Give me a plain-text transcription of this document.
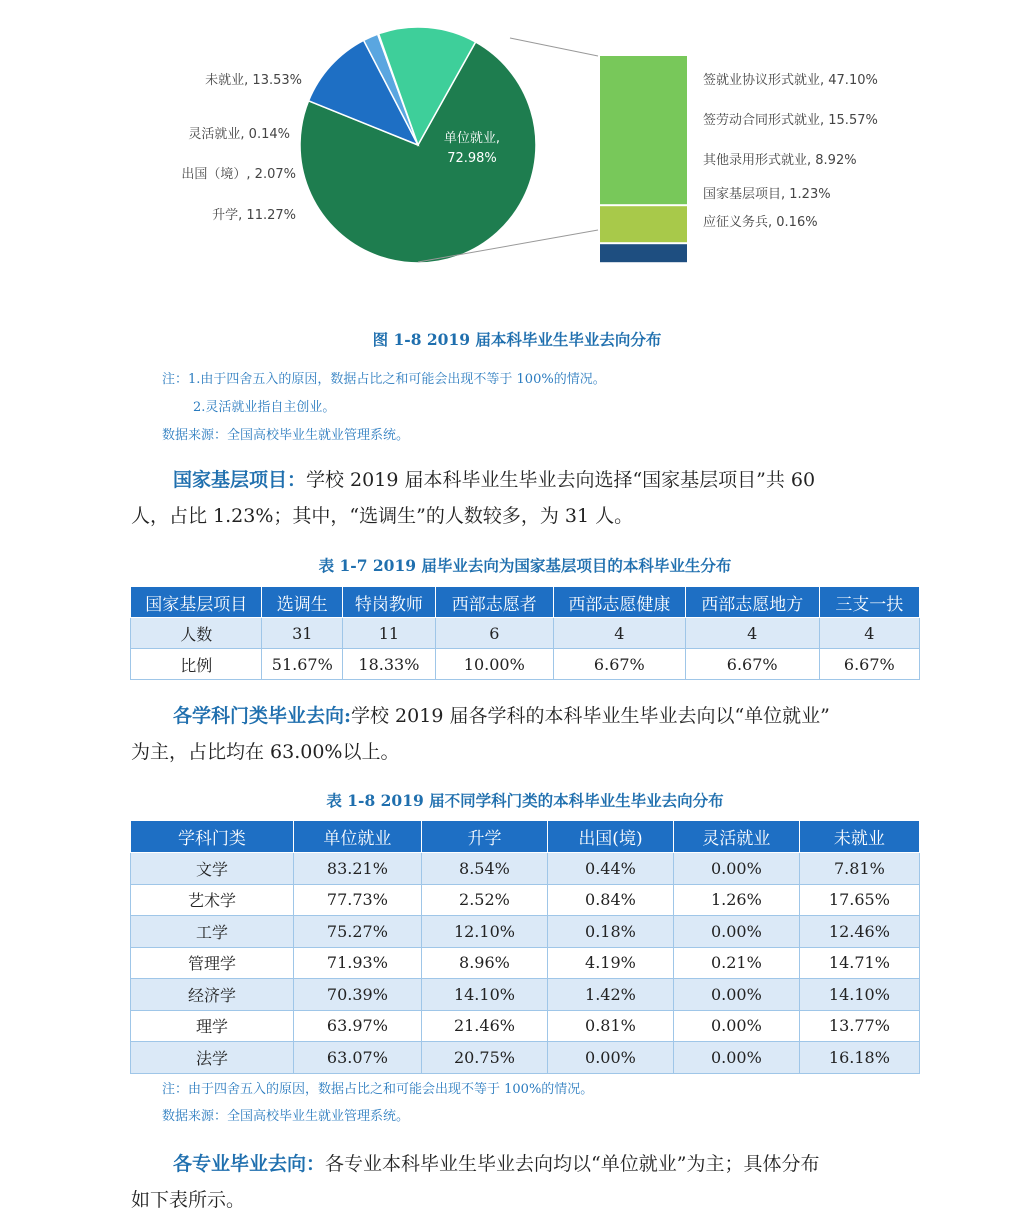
单位就业,
72.98%
未就业, 13.53%
灵活就业, 0.14%
出国（境）, 2.07%
升学, 11.27%
签就业协议形式就业, 47.10%
签劳动合同形式就业, 15.57%
其他录用形式就业, 8.92%
国家基层项目, 1.23%
应征义务兵, 0.16%
图 1-8 2019 届本科毕业生毕业去向分布
注：1.由于四舍五入的原因，数据占比之和可能会出现不等于 100%的情况。
2.灵活就业指自主创业。
数据来源：全国高校毕业生就业管理系统。
国家基层项目：学校 2019 届本科毕业生毕业去向选择“国家基层项目”共 60
人，占比 1.23%；其中，“选调生”的人数较多，为 31 人。
表 1-7 2019 届毕业去向为国家基层项目的本科毕业生分布
国家基层项目	选调生	特岗教师	西部志愿者	西部志愿健康	西部志愿地方	三支一扶
人数	31	11	6	4	4	4
比例	51.67%	18.33%	10.00%	6.67%	6.67%	6.67%
各学科门类毕业去向:学校 2019 届各学科的本科毕业生毕业去向以“单位就业”
为主，占比均在 63.00%以上。
表 1-8 2019 届不同学科门类的本科毕业生毕业去向分布
学科门类	单位就业	升学	出国(境)	灵活就业	未就业
文学	83.21%	8.54%	0.44%	0.00%	7.81%
艺术学	77.73%	2.52%	0.84%	1.26%	17.65%
工学	75.27%	12.10%	0.18%	0.00%	12.46%
管理学	71.93%	8.96%	4.19%	0.21%	14.71%
经济学	70.39%	14.10%	1.42%	0.00%	14.10%
理学	63.97%	21.46%	0.81%	0.00%	13.77%
法学	63.07%	20.75%	0.00%	0.00%	16.18%
注：由于四舍五入的原因，数据占比之和可能会出现不等于 100%的情况。
数据来源：全国高校毕业生就业管理系统。
各专业毕业去向：各专业本科毕业生毕业去向均以“单位就业”为主；具体分布
如下表所示。
